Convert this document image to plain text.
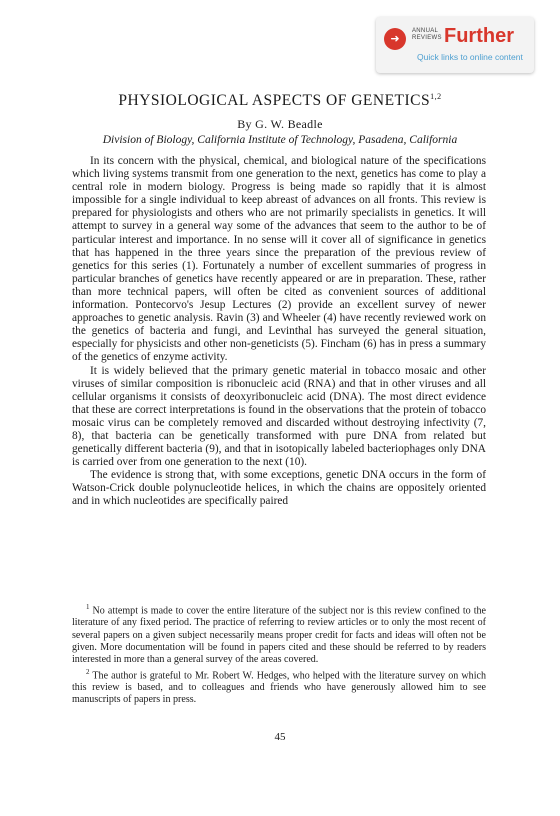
➜
ANNUAL
REVIEWS Further
Quick links to online content
PHYSIOLOGICAL ASPECTS OF GENETICS$^{1,2}$
By G. W. Beadle
Division of Biology, California Institute of Technology, Pasadena, California

In its concern with the physical, chemical, and biological nature of the specifications which living systems transmit from one generation to the next, genetics has come to play a central role in modern biology. Progress is being made so rapidly that it is almost impossible for a single individual to keep abreast of advances on all fronts. This review is prepared for physiologists and others who are not primarily specialists in genetics. It will attempt to survey in a general way some of the advances that seem to the author to be of particular interest and importance. In no sense will it cover all of significance in genetics that has happened in the three years since the preparation of the previous review of genetics for this series (1). Fortunately a number of excellent summaries of progress in particular branches of genetics have recently appeared or are in preparation. These, rather than more technical papers, will often be cited as convenient sources of additional information. Pontecorvo's Jesup Lectures (2) provide an excellent survey of newer approaches to genetic analysis. Ravin (3) and Wheeler (4) have recently reviewed work on the genetics of bacteria and fungi, and Levinthal has surveyed the general situation, especially for physicists and other non-geneticists (5). Fincham (6) has in press a summary of the genetics of enzyme activity.

It is widely believed that the primary genetic material in tobacco mosaic and other viruses of similar composition is ribonucleic acid (RNA) and that in other viruses and all cellular organisms it consists of deoxyribonucleic acid (DNA). The most direct evidence that these are correct interpretations is found in the observations that the protein of tobacco mosaic virus can be completely removed and discarded without destroying infectivity (7, 8), that bacteria can be genetically transformed with pure DNA from related but genetically different bacteria (9), and that in isotopically labeled bacteriophages only DNA is carried over from one generation to the next (10).

The evidence is strong that, with some exceptions, genetic DNA occurs in the form of Watson-Crick double polynucleotide helices, in which the chains are oppositely oriented and in which nucleotides are specifically paired

$^1$ No attempt is made to cover the entire literature of the subject nor is this review confined to the literature of any fixed period. The practice of referring to review articles or to only the most recent of several papers on a given subject necessarily means proper credit for facts and ideas will often not be given. More documentation will be found in papers cited and these should be referred to by readers interested in more than a general survey of the areas covered.

$^2$ The author is grateful to Mr. Robert W. Hedges, who helped with the literature survey on which this review is based, and to colleagues and friends who have generously allowed him to see manuscripts of papers in press.

45
